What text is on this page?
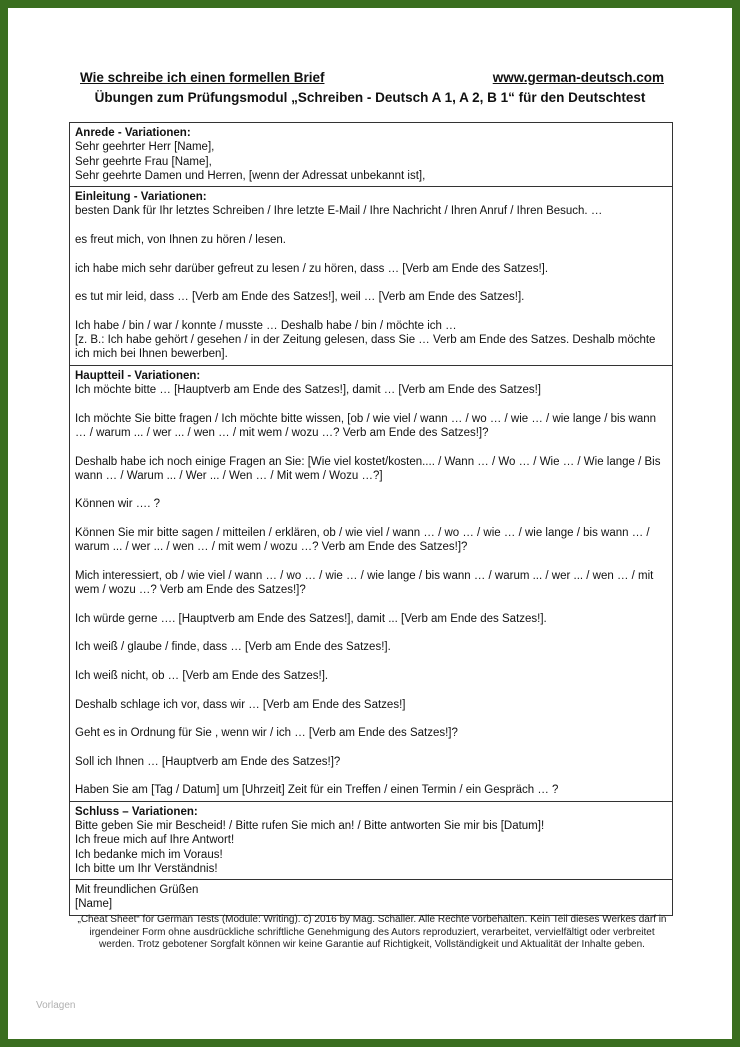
Wie schreibe ich einen formellen Brief	www.german-deutsch.com
Übungen zum Prüfungsmodul „Schreiben - Deutsch A 1, A 2, B 1“ für den Deutschtest
Anrede - Variationen:

Sehr geehrter Herr [Name],

Sehr geehrte Frau [Name],

Sehr geehrte Damen und Herren, [wenn der Adressat unbekannt ist],

Einleitung - Variationen:

besten Dank für Ihr letztes Schreiben / Ihre letzte E-Mail / Ihre Nachricht / Ihren Anruf / Ihren Besuch. …

es freut mich, von Ihnen zu hören / lesen.

ich habe mich sehr darüber gefreut zu lesen / zu hören, dass … [Verb am Ende des Satzes!].

es tut mir leid, dass … [Verb am Ende des Satzes!], weil … [Verb am Ende des Satzes!].

Ich habe / bin / war / konnte / musste … Deshalb habe / bin / möchte ich …

[z. B.: Ich habe gehört / gesehen / in der Zeitung gelesen, dass Sie … Verb am Ende des Satzes. Deshalb möchte ich mich bei Ihnen bewerben].

Hauptteil - Variationen:

Ich möchte bitte … [Hauptverb am Ende des Satzes!], damit … [Verb am Ende des Satzes!]

Ich möchte Sie bitte fragen / Ich möchte bitte wissen, [ob / wie viel / wann … / wo … / wie … / wie lange / bis wann … / warum ... / wer ... / wen … / mit wem / wozu …? Verb am Ende des Satzes!]?

Deshalb habe ich noch einige Fragen an Sie: [Wie viel kostet/kosten.... / Wann … / Wo … / Wie … / Wie lange / Bis wann … / Warum ... / Wer ... / Wen … / Mit wem / Wozu …?]

Können wir …. ?

Können Sie mir bitte sagen / mitteilen / erklären, ob / wie viel / wann … / wo … / wie … / wie lange / bis wann … / warum ... / wer ... / wen … / mit wem / wozu …? Verb am Ende des Satzes!]?

Mich interessiert, ob / wie viel / wann … / wo … / wie … / wie lange / bis wann … / warum ... / wer ... / wen … / mit wem / wozu …? Verb am Ende des Satzes!]?

Ich würde gerne …. [Hauptverb am Ende des Satzes!], damit ... [Verb am Ende des Satzes!].

Ich weiß / glaube / finde, dass … [Verb am Ende des Satzes!].

Ich weiß nicht, ob … [Verb am Ende des Satzes!].

Deshalb schlage ich vor, dass wir … [Verb am Ende des Satzes!]

Geht es in Ordnung für Sie , wenn wir / ich … [Verb am Ende des Satzes!]?

Soll ich Ihnen … [Hauptverb am Ende des Satzes!]?

Haben Sie am [Tag / Datum] um [Uhrzeit] Zeit für ein Treffen / einen Termin / ein Gespräch … ?

Schluss – Variationen:

Bitte geben Sie mir Bescheid! / Bitte rufen Sie mich an! / Bitte antworten Sie mir bis [Datum]!

Ich freue mich auf Ihre Antwort!

Ich bedanke mich im Voraus!

Ich bitte um Ihr Verständnis!

Mit freundlichen Grüßen

[Name]

„Cheat Sheet“ for German Tests (Module: Writing). c) 2016 by Mag. Schaller. Alle Rechte vorbehalten. Kein Teil dieses Werkes darf in irgendeiner Form ohne ausdrückliche schriftliche Genehmigung des Autors reproduziert, verarbeitet, vervielfältigt oder verbreitet werden. Trotz gebotener Sorgfalt können wir keine Garantie auf Richtigkeit, Vollständigkeit und Aktualität der Inhalte geben.
Vorlagen
